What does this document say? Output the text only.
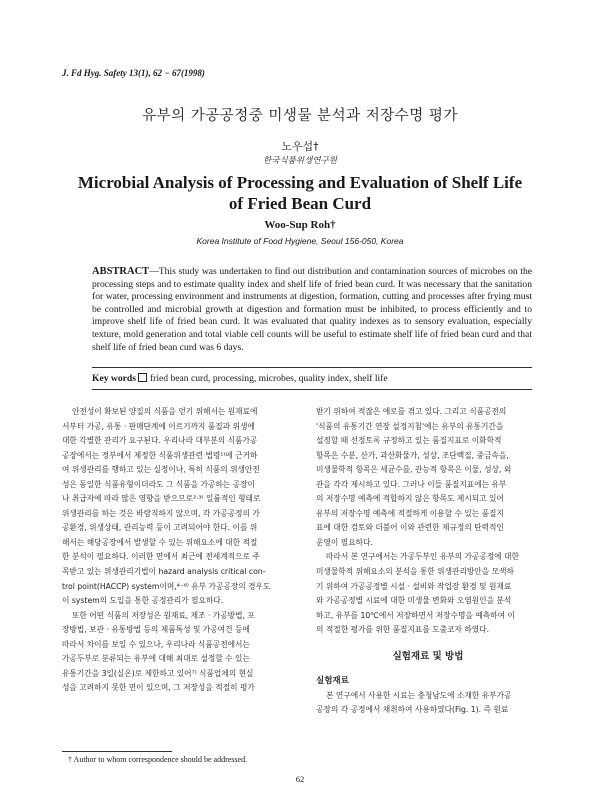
J. Fd Hyg. Safety 13(1), 62 − 67(1998)
유부의 가공공정중 미생물 분석과 저장수명 평가
노우섭†
한국식품위생연구원
Microbial Analysis of Processing and Evaluation of Shelf Life
of Fried Bean Curd
Woo-Sup Roh†
Korea Institute of Food Hygiene, Seoul 156-050, Korea
ABSTRACT—This study was undertaken to find out distribution and contamination sources of microbes on the processing steps and to estimate quality index and shelf life of fried bean curd. It was necessary that the sanitation for water, processing environment and instruments at digestion, formation, cutting and processes after frying must be controlled and microbial growth at digestion and formation must be inhibited, to process efficiently and to improve shelf life of fried bean curd. It was evaluated that quality indexes as to sensory evaluation, especially texture, mold generation and total viable cell counts will be useful to estimate shelf life of fried bean curd and that shelf life of fried bean curd was 6 days.
Key words fried bean curd, processing, microbes, quality index, shelf life
안전성이 확보된 양질의 식품을 얻기 위해서는 원재료에
서부터 가공, 유통 · 판매단계에 이르기까지 품질과 위생에
대한 각별한 관리가 요구된다. 우리나라 대부분의 식품가공
공장에서는 정부에서 제정한 식품위생관련 법령¹⁾에 근거하
여 위생관리를 행하고 있는 실정이나, 특히 식품의 위생안전
성은 동일한 식품유형이더라도 그 식품을 가공하는 공장이
나 취급자에 따라 많은 영향을 받으므로²·³⁾ 일률적인 형태로
위생관리를 하는 것은 바람직하지 않으며, 각 가공공정의 가
공환경, 위생상태, 관리능력 등이 고려되어야 한다. 이를 위
해서는 해당공장에서 발생할 수 있는 위해요소에 대한 적절
한 분석이 필요하다. 이러한 면에서 최근에 전세계적으로 주
목받고 있는 위생관리기법이 hazard analysis critical con-
trol point(HACCP) system이며,⁴⁻⁶⁾ 유부 가공공장의 경우도
이 system의 도입을 통한 공정관리가 필요하다.
또한 어떤 식품의 저장성은 원재료, 제조 · 가공방법, 포
장방법, 보관 · 유통방법 등의 제품특성 및 가공여건 등에
따라서 차이를 보일 수 있으나, 우리나라 식품공전에서는
가공두부로 분류되는 유부에 대해 최대로 설정할 수 있는
유통기간을 3일(실온)로 제한하고 있어⁷⁾ 식품업체의 현실
성을 고려하지 못한 면이 있으며, 그 저장성을 적절히 평가
받기 위하여 적잖은 애로를 겪고 있다. 그리고 식품공전의
'식품의 유통기간 연장 설정지침'에는 유부의 유통기간을
설정할 때 선정토록 규정하고 있는 품질지표로 이화학적
항목은 수분, 산가, 과산화물가, 성상, 조단백질, 중금속을,
미생물학적 항목은 세균수를, 관능적 항목은 이물, 성상, 외
관을 각각 제시하고 있다. 그러나 이들 품질지표에는 유부
의 저장수명 예측에 적합하지 않은 항목도 제시되고 있어
유부의 저장수명 예측에 적절하게 이용할 수 있는 품질지
표에 대한 검토와 더불어 이와 관련한 제규정의 탄력적인
운영이 필요하다.
따라서 본 연구에서는 가공두부인 유부의 가공공정에 대한
미생물학적 위해요소의 분석을 통한 위생관리방안을 모색하
기 위하여 가공공정별 시설 · 설비와 작업장 환경 및 원재료
와 가공공정별 시료에 대한 미생물 변화와 오염원인을 분석
하고, 유부를 10℃에서 저장하면서 저장수명을 예측하여 이
의 적절한 평가를 위한 품질지표를 도출코자 하였다.
실험재료 및 방법
실험재료
본 연구에서 사용한 시료는 충청남도에 소재한 유부가공
공장의 각 공정에서 채취하여 사용하였다(Fig. 1). 즉 원료
† Author to whom correspondence should be addressed.
62
